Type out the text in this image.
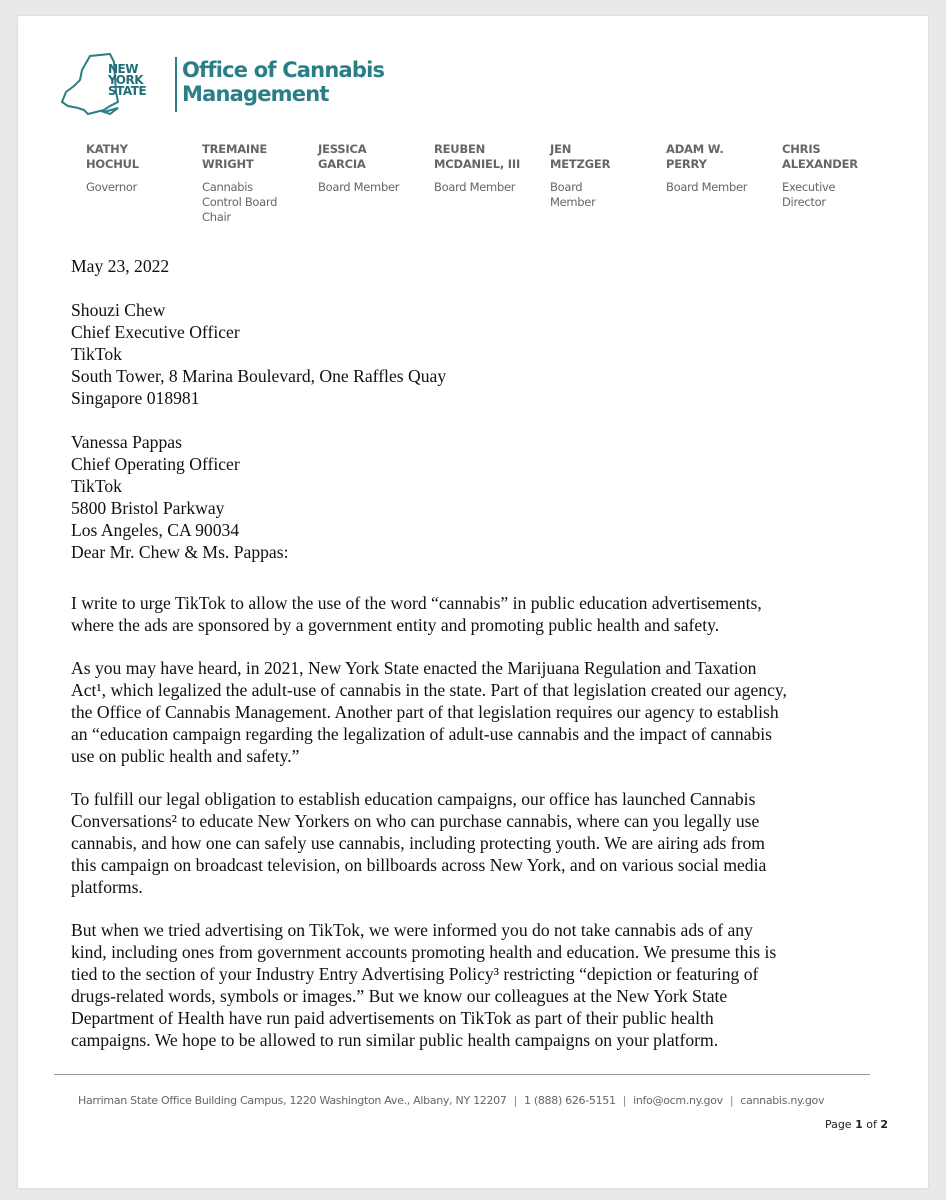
NEW
YORK
STATE
Office of Cannabis
Management
KATHY
HOCHUL
Governor
TREMAINE
WRIGHT
Cannabis
Control Board
Chair
JESSICA
GARCIA
Board Member
REUBEN
MCDANIEL, III
Board Member
JEN
METZGER
Board
Member
ADAM W.
PERRY
Board Member
CHRIS
ALEXANDER
Executive
Director
May 23, 2022
Shouzi Chew
Chief Executive Officer
TikTok
South Tower, 8 Marina Boulevard, One Raffles Quay
Singapore 018981
Vanessa Pappas
Chief Operating Officer
TikTok
5800 Bristol Parkway
Los Angeles, CA 90034
Dear Mr. Chew & Ms. Pappas:
I write to urge TikTok to allow the use of the word “cannabis” in public education advertisements,
where the ads are sponsored by a government entity and promoting public health and safety.
As you may have heard, in 2021, New York State enacted the Marijuana Regulation and Taxation
Act¹, which legalized the adult-use of cannabis in the state. Part of that legislation created our agency,
the Office of Cannabis Management. Another part of that legislation requires our agency to establish
an “education campaign regarding the legalization of adult-use cannabis and the impact of cannabis
use on public health and safety.”
To fulfill our legal obligation to establish education campaigns, our office has launched Cannabis
Conversations² to educate New Yorkers on who can purchase cannabis, where can you legally use
cannabis, and how one can safely use cannabis, including protecting youth. We are airing ads from
this campaign on broadcast television, on billboards across New York, and on various social media
platforms.
But when we tried advertising on TikTok, we were informed you do not take cannabis ads of any
kind, including ones from government accounts promoting health and education. We presume this is
tied to the section of your Industry Entry Advertising Policy³ restricting “depiction or featuring of
drugs-related words, symbols or images.” But we know our colleagues at the New York State
Department of Health have run paid advertisements on TikTok as part of their public health
campaigns. We hope to be allowed to run similar public health campaigns on your platform.
Harriman State Office Building Campus, 1220 Washington Ave., Albany, NY 12207 | 1 (888) 626-5151 | info@ocm.ny.gov | cannabis.ny.gov
Page 1 of 2
